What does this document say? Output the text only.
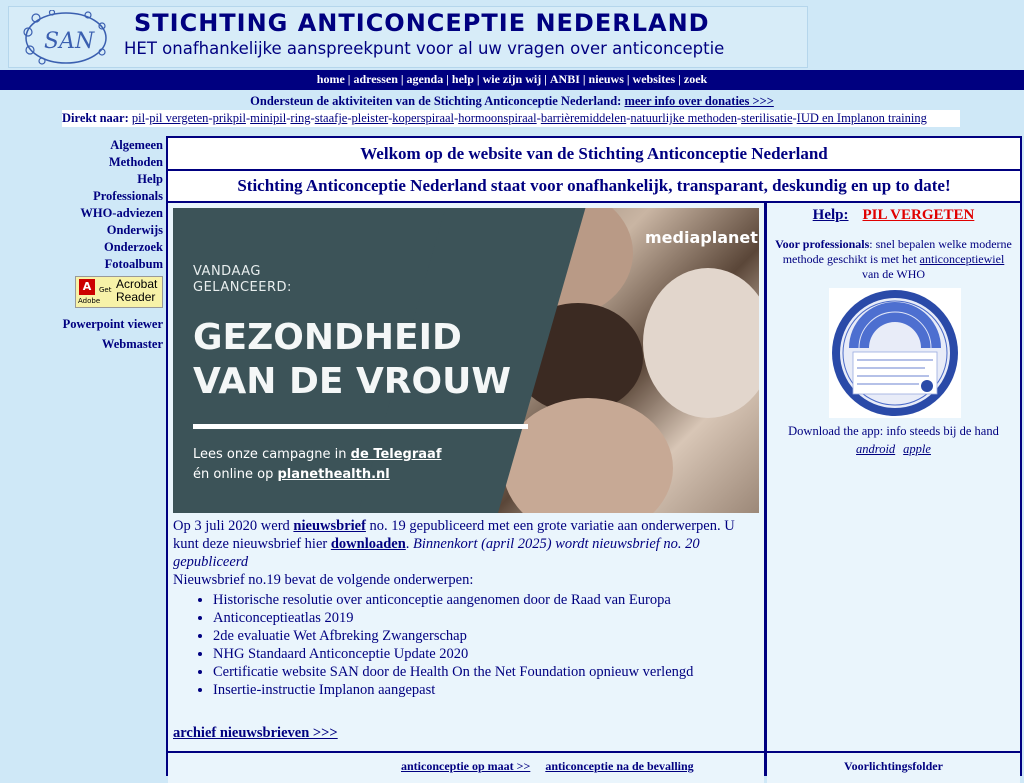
SAN
STICHTING ANTICONCEPTIE NEDERLAND
HET onafhankelijke aanspreekpunt voor al uw vragen over anticonceptie
home | adressen | agenda | help | wie zijn wij | ANBI | nieuws | websites | zoek
Ondersteun de aktiviteiten van de Stichting Anticonceptie Nederland: meer info over donaties >>>
Direkt naar: pil-pil vergeten-prikpil-minipil-ring-staafje-pleister-koperspiraal-hormoonspiraal-barrièremiddelen-natuurlijke methoden-sterilisatie-IUD en Implanon training
Algemeen
Methoden
Help
Professionals
WHO-adviezen
Onderwijs
Onderzoek
Fotoalbum
A
Adobe
Get Acrobat
Reader
Powerpoint viewer
Webmaster
Welkom op de website van de Stichting Anticonceptie Nederland
Stichting Anticonceptie Nederland staat voor onafhankelijk, transparant, deskundig en up to date!
VANDAAG
GELANCEERD:
GEZONDHEID
VAN DE VROUW
Lees onze campagne in de Telegraaf
én online op planethealth.nl
mediaplanet

Op 3 juli 2020 werd nieuwsbrief no. 19 gepubliceerd met een grote variatie aan onderwerpen. U kunt deze nieuwsbrief hier downloaden. Binnenkort (april 2025) wordt nieuwsbrief no. 20 gepubliceerd

Nieuwsbrief no.19 bevat de volgende onderwerpen:

• Historische resolutie over anticonceptie aangenomen door de Raad van Europa
• Anticonceptieatlas 2019
• 2de evaluatie Wet Afbreking Zwangerschap
• NHG Standaard Anticonceptie Update 2020
• Certificatie website SAN door de Health On the Net Foundation opnieuw verlengd
• Insertie-instructie Implanon aangepast
archief nieuwsbrieven >>>
Help: PIL VERGETEN
Voor professionals: snel bepalen welke moderne methode geschikt is met het anticonceptiewiel van de WHO
Download the app: info steeds bij de hand
android apple
anticonceptie op maat >> anticonceptie na de bevalling	Voorlichtingsfolder
